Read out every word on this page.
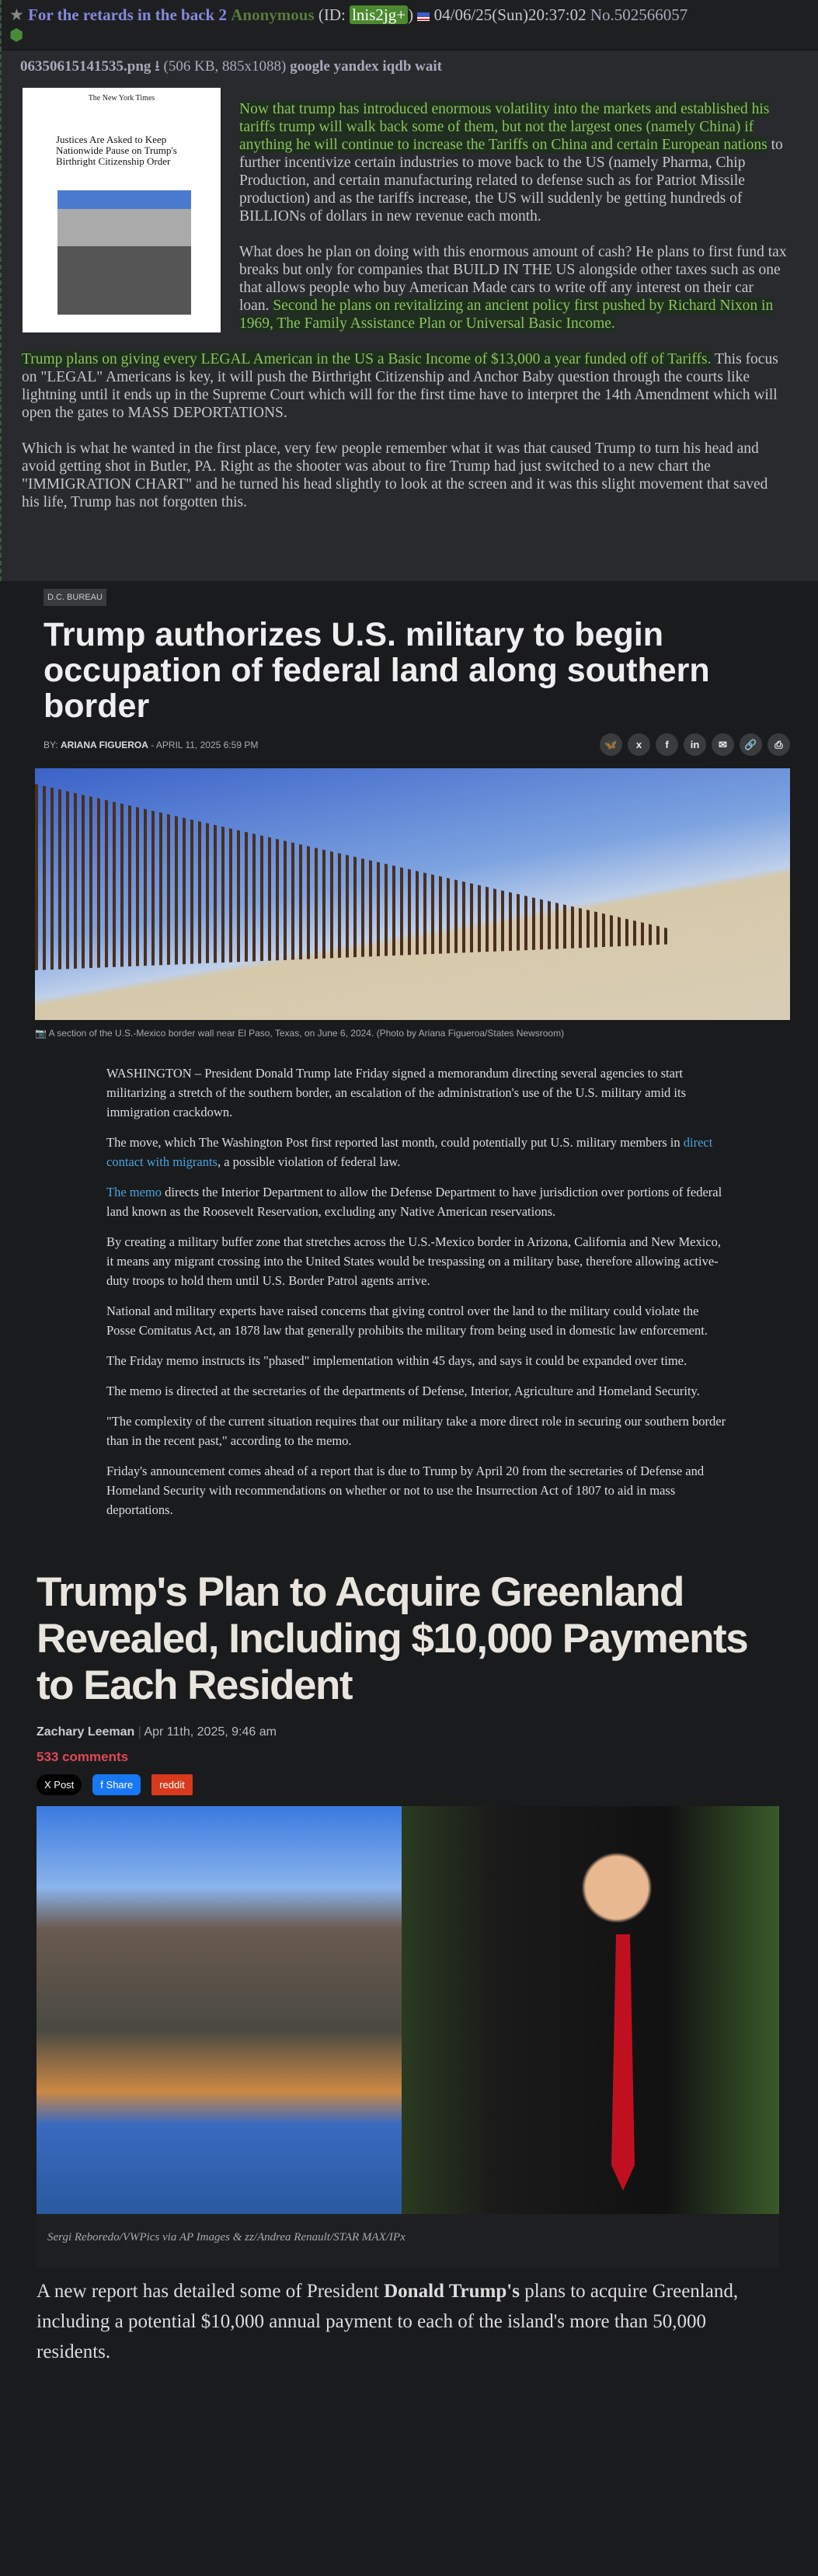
★ For the retards in the back 2 Anonymous (ID: lnis2jg+ ) 04/06/25(Sun)20:37:02 No.502566057
⬢
06350615141535.png ⭳ (506 KB, 885x1088) google yandex iqdb wait
The New York Times
Justices Are Asked to Keep Nationwide Pause on Trump's Birthright Citizenship Order

Now that trump has introduced enormous volatility into the markets and established his tariffs trump will walk back some of them, but not the largest ones (namely China) if anything he will continue to increase the Tariffs on China and certain European nations to further incentivize certain industries to move back to the US (namely Pharma, Chip Production, and certain manufacturing related to defense such as for Patriot Missile production) and as the tariffs increase, the US will suddenly be getting hundreds of BILLIONs of dollars in new revenue each month.

What does he plan on doing with this enormous amount of cash? He plans to first fund tax breaks but only for companies that BUILD IN THE US alongside other taxes such as one that allows people who buy American Made cars to write off any interest on their car loan. Second he plans on revitalizing an ancient policy first pushed by Richard Nixon in 1969, The Family Assistance Plan or Universal Basic Income.

Trump plans on giving every LEGAL American in the US a Basic Income of $13,000 a year funded off of Tariffs. This focus on "LEGAL" Americans is key, it will push the Birthright Citizenship and Anchor Baby question through the courts like lightning until it ends up in the Supreme Court which will for the first time have to interpret the 14th Amendment which will open the gates to MASS DEPORTATIONS.

Which is what he wanted in the first place, very few people remember what it was that caused Trump to turn his head and avoid getting shot in Butler, PA. Right as the shooter was about to fire Trump had just switched to a new chart the "IMMIGRATION CHART" and he turned his head slightly to look at the screen and it was this slight movement that saved his life, Trump has not forgotten this.

D.C. BUREAU
Trump authorizes U.S. military to begin occupation of federal land along southern border
BY: ARIANA FIGUEROA - APRIL 11, 2025 6:59 PM	🦋	x	f	in	✉	🔗	⎙
📷 A section of the U.S.-Mexico border wall near El Paso, Texas, on June 6, 2024. (Photo by Ariana Figueroa/States Newsroom)

WASHINGTON – President Donald Trump late Friday signed a memorandum directing several agencies to start militarizing a stretch of the southern border, an escalation of the administration's use of the U.S. military amid its immigration crackdown.

The move, which The Washington Post first reported last month, could potentially put U.S. military members in direct contact with migrants, a possible violation of federal law.

The memo directs the Interior Department to allow the Defense Department to have jurisdiction over portions of federal land known as the Roosevelt Reservation, excluding any Native American reservations.

By creating a military buffer zone that stretches across the U.S.-Mexico border in Arizona, California and New Mexico, it means any migrant crossing into the United States would be trespassing on a military base, therefore allowing active-duty troops to hold them until U.S. Border Patrol agents arrive.

National and military experts have raised concerns that giving control over the land to the military could violate the Posse Comitatus Act, an 1878 law that generally prohibits the military from being used in domestic law enforcement.

The Friday memo instructs its "phased" implementation within 45 days, and says it could be expanded over time.

The memo is directed at the secretaries of the departments of Defense, Interior, Agriculture and Homeland Security.

"The complexity of the current situation requires that our military take a more direct role in securing our southern border than in the recent past," according to the memo.

Friday's announcement comes ahead of a report that is due to Trump by April 20 from the secretaries of Defense and Homeland Security with recommendations on whether or not to use the Insurrection Act of 1807 to aid in mass deportations.

Trump's Plan to Acquire Greenland Revealed, Including $10,000 Payments to Each Resident
Zachary Leeman | Apr 11th, 2025, 9:46 am
533 comments
X Post	f Share	reddit
Sergi Reboredo/VWPics via AP Images & zz/Andrea Renault/STAR MAX/IPx

A new report has detailed some of President Donald Trump's plans to acquire Greenland, including a potential $10,000 annual payment to each of the island's more than 50,000 residents.
